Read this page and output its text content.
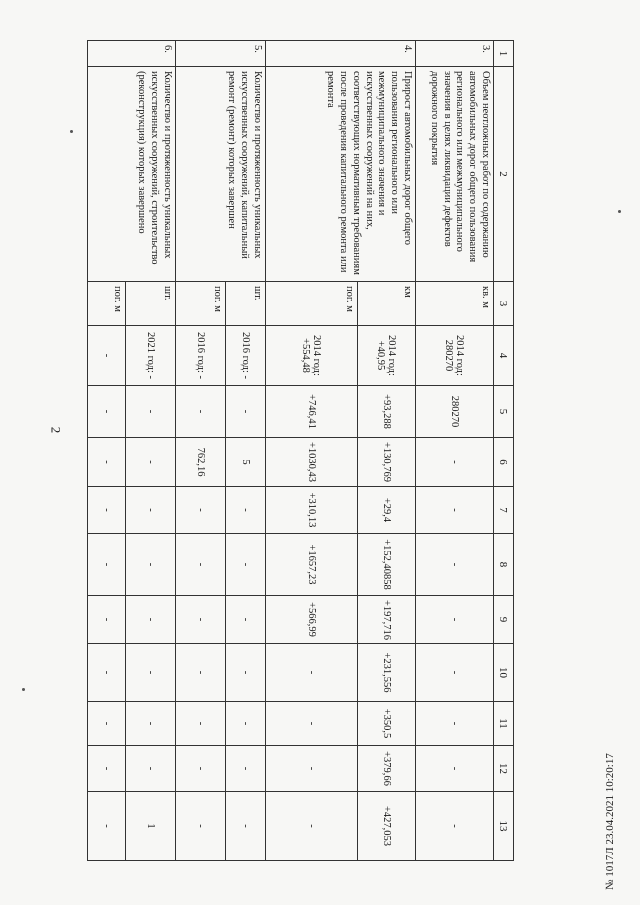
2
№ 1017Л 23.04.2021 10:20:17
1	2	3	4	5	6	7	8	9	10	11	12	13
3.	Объем неотложных работ по содержанию автомобильных дорог общего пользования регионального или межмуниципального значения в целях ликвидации дефектов дорожного покрытия	кв. м	2014 год: 280270	280270	-	-	-	-	-	-	-	-
4.	Прирост автомобильных дорог общего пользования регионального или межмуниципального значения и искусственных сооружений на них, соответствующих нормативным требованиям после проведения капитального ремонта или ремонта	км	2014 год: +40,95	+93,288	+130,769	+29,4	+152,40858	+197,716	+231,556	+350,5	+379,66	+427,053
		пог. м	2014 год: +554,48	+746,41	+1030,43	+310,13	+1657,23	+566,99	-	-	-	-
5.	Количество и протяженность уникальных искусственных сооружений, капитальный ремонт (ремонт) которых завершен	шт.	2016 год: -	-	5	-	-	-	-	-	-	-
		пог. м	2016 год: -	-	762,16	-	-	-	-	-	-	-
6.	Количество и протяженность уникальных искусственных сооружений, строительство (реконструкция) которых завершено	шт.	2021 год: -	-	-	-	-	-	-	-	-	1
		пог. м	-	-	-	-	-	-	-	-	-	-
